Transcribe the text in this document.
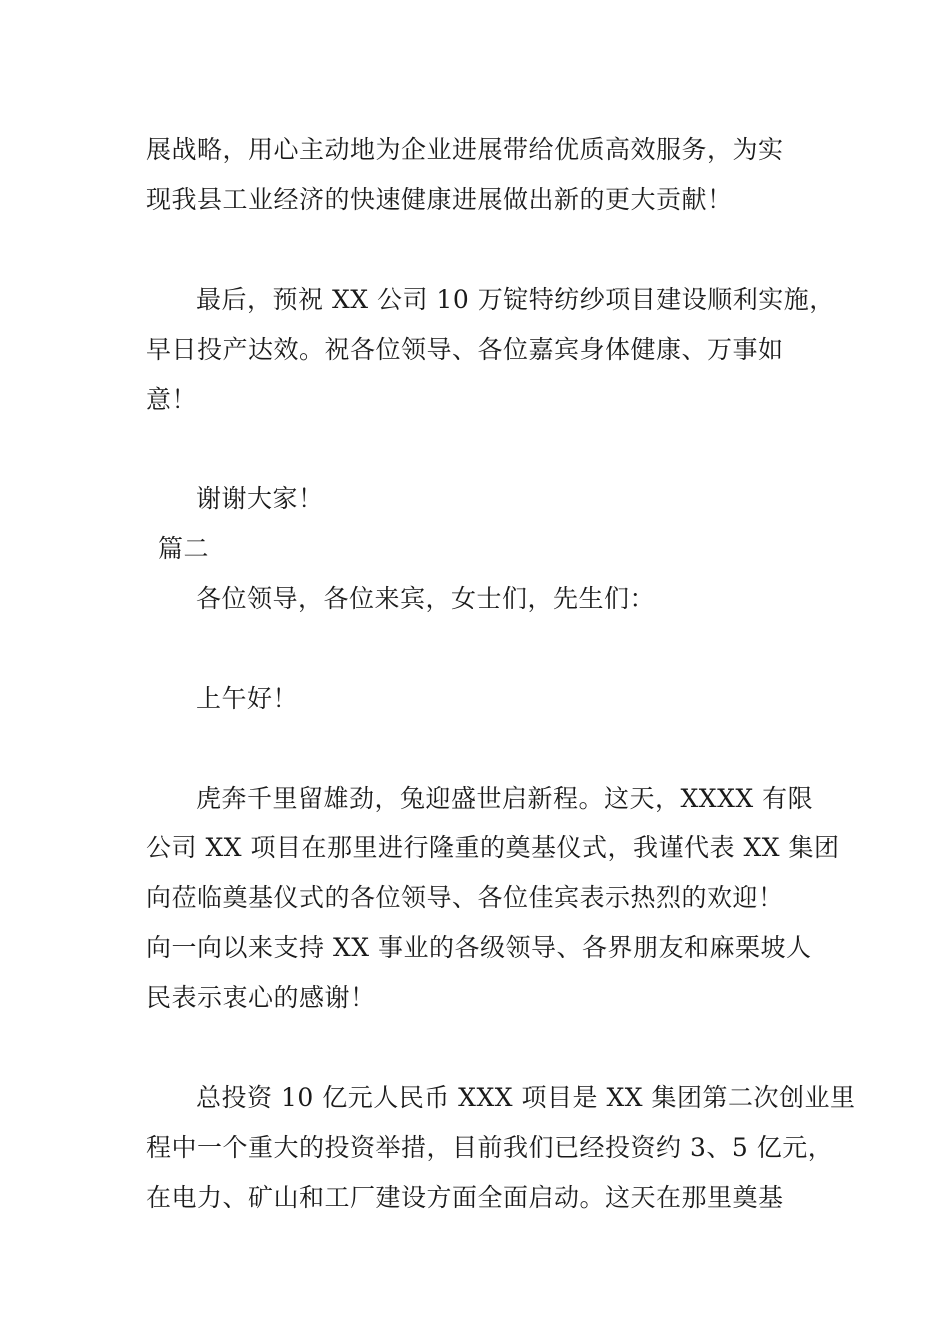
展战略，用心主动地为企业进展带给优质高效服务，为实
现我县工业经济的快速健康进展做出新的更大贡献！
最后，预祝 XX 公司 10 万锭特纺纱项目建设顺利实施，
早日投产达效。祝各位领导、各位嘉宾身体健康、万事如
意！
谢谢大家！
篇二
各位领导，各位来宾，女士们，先生们：
上午好！
虎奔千里留雄劲，兔迎盛世启新程。这天，XXXX 有限
公司 XX 项目在那里进行隆重的奠基仪式，我谨代表 XX 集团
向莅临奠基仪式的各位领导、各位佳宾表示热烈的欢迎！
向一向以来支持 XX 事业的各级领导、各界朋友和麻栗坡人
民表示衷心的感谢！
总投资 10 亿元人民币 XXX 项目是 XX 集团第二次创业里
程中一个重大的投资举措，目前我们已经投资约 3、5 亿元，
在电力、矿山和工厂建设方面全面启动。这天在那里奠基
